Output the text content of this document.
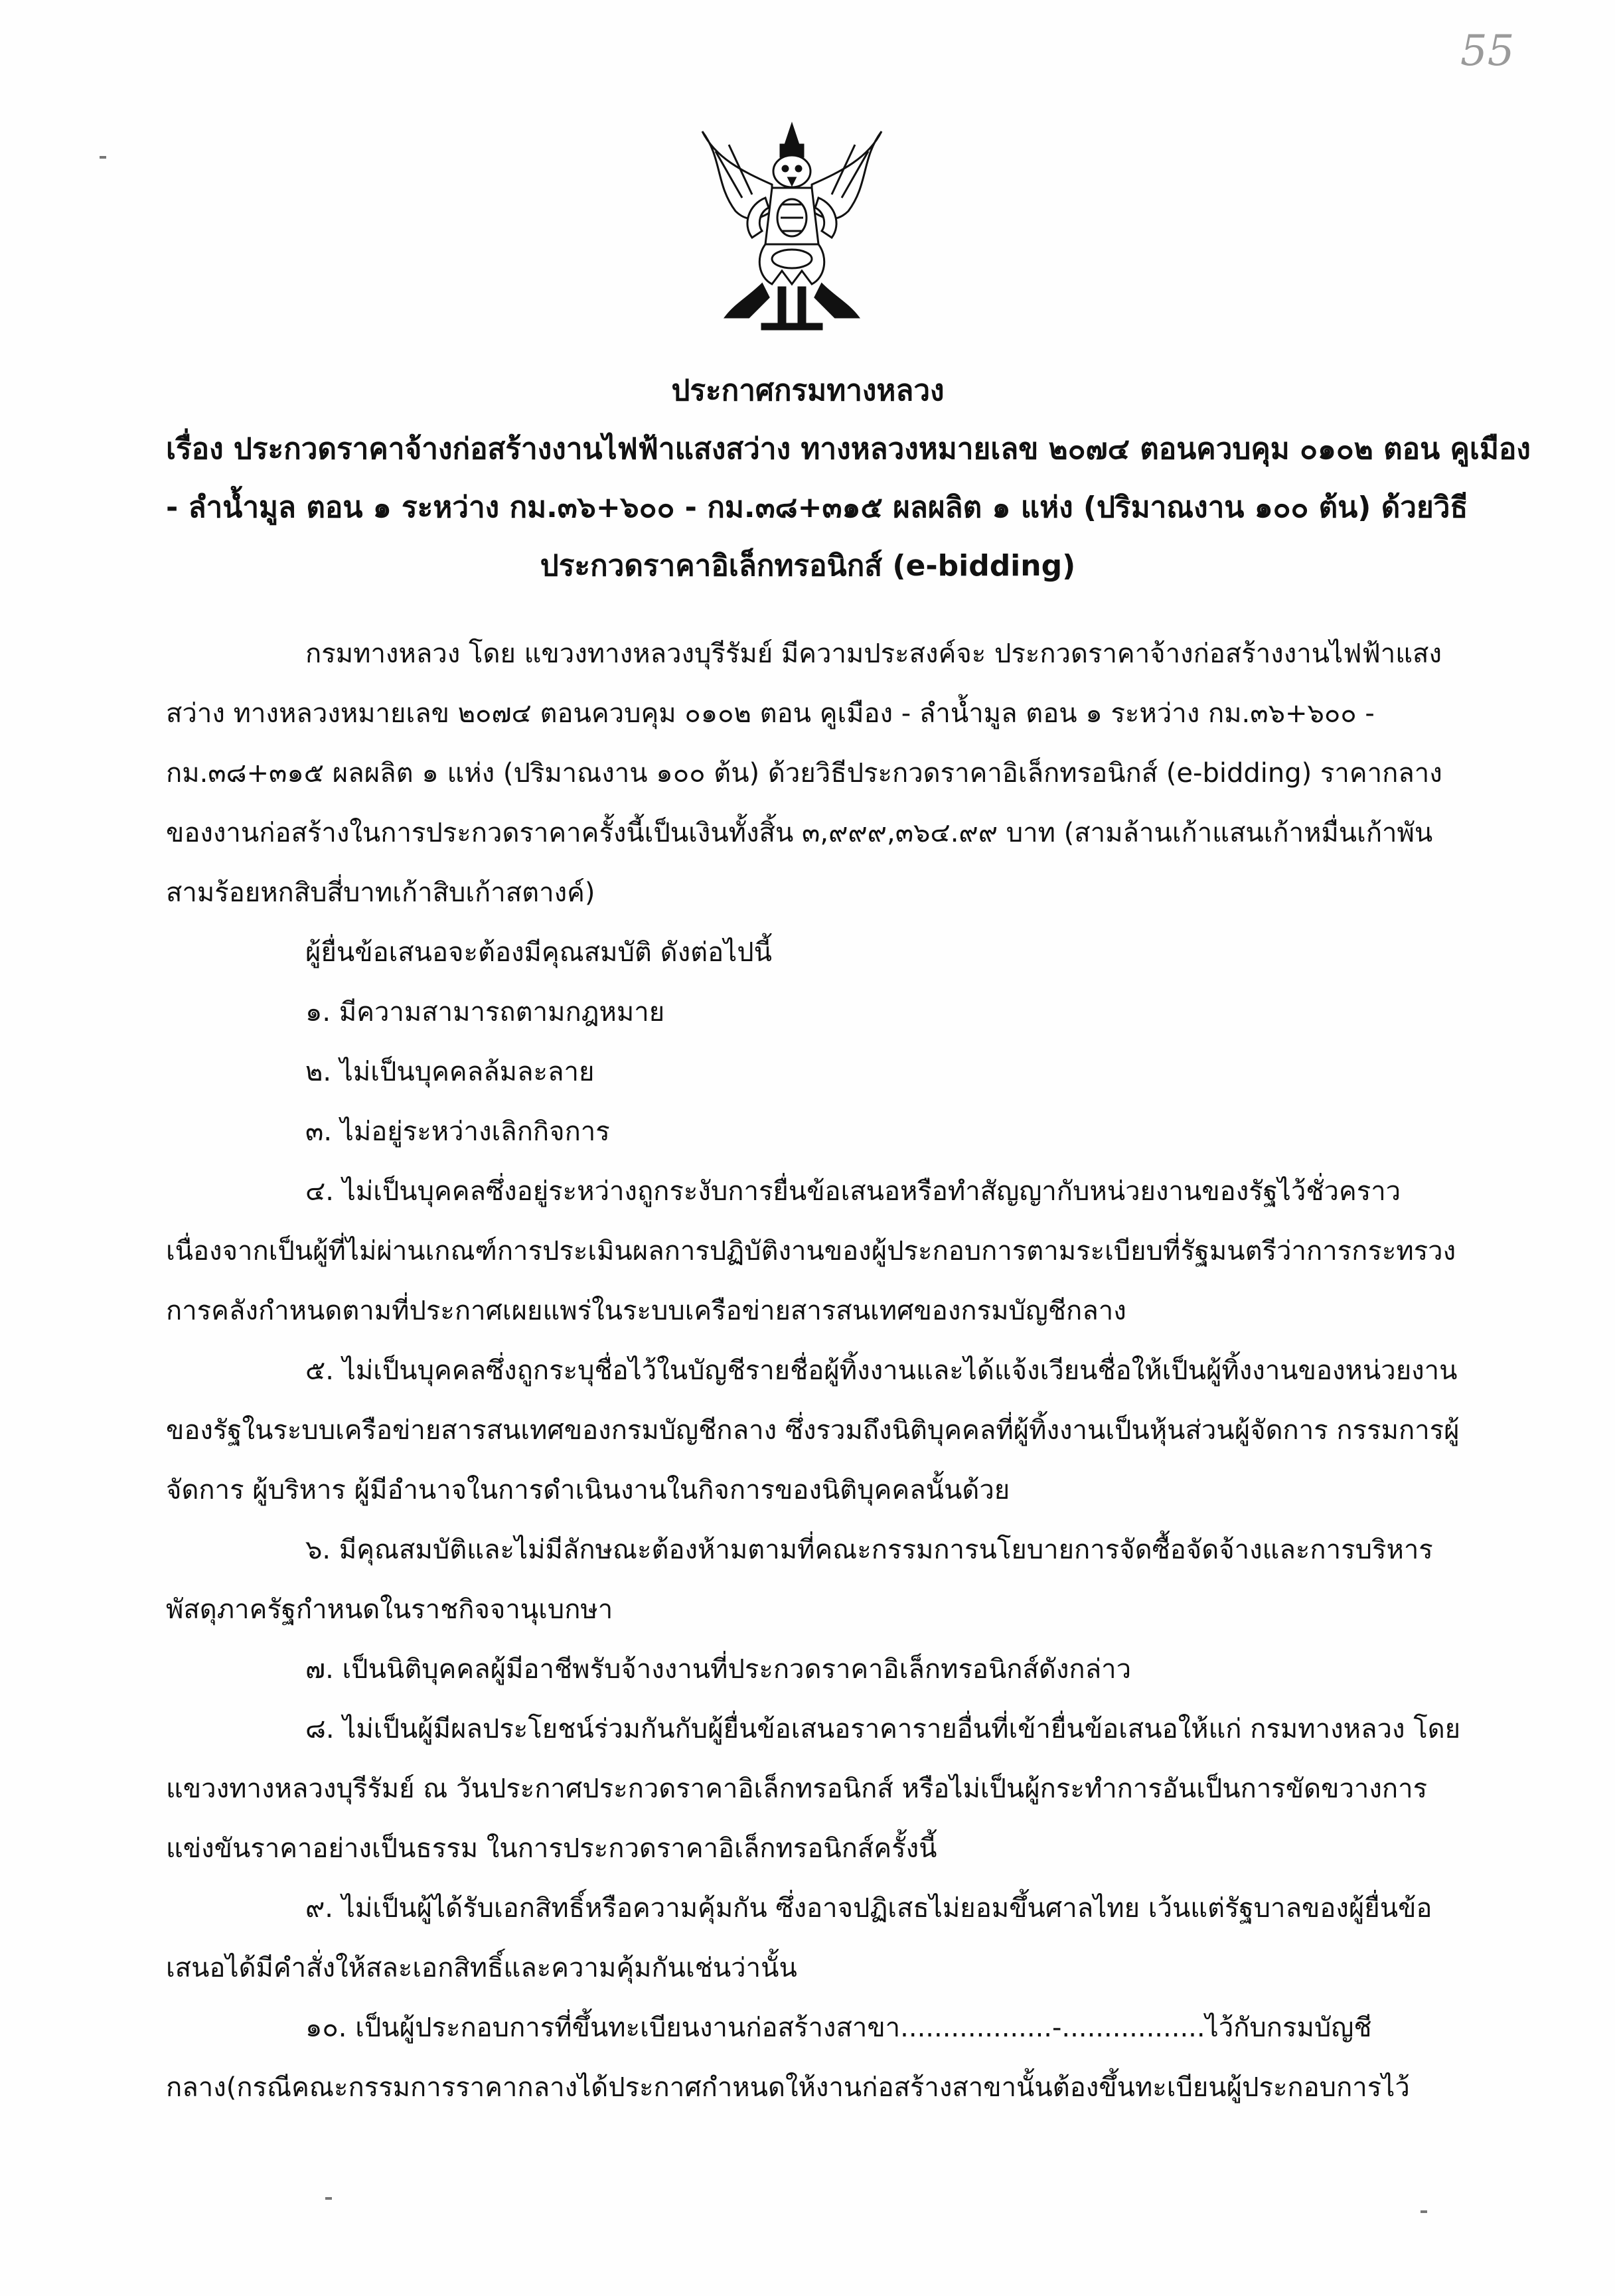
55
ประกาศกรมทางหลวง
เรื่อง ประกวดราคาจ้างก่อสร้างงานไฟฟ้าแสงสว่าง ทางหลวงหมายเลข ๒๐๗๔ ตอนควบคุม ๐๑๐๒ ตอน คูเมือง
- ลำน้ำมูล ตอน ๑ ระหว่าง กม.๓๖+๖๐๐ - กม.๓๘+๓๑๕ ผลผลิต ๑ แห่ง (ปริมาณงาน ๑๐๐ ต้น) ด้วยวิธี
ประกวดราคาอิเล็กทรอนิกส์ (e-bidding)
กรมทางหลวง โดย แขวงทางหลวงบุรีรัมย์ มีความประสงค์จะ ประกวดราคาจ้างก่อสร้างงานไฟฟ้าแสง
สว่าง ทางหลวงหมายเลข ๒๐๗๔ ตอนควบคุม ๐๑๐๒ ตอน คูเมือง - ลำน้ำมูล ตอน ๑ ระหว่าง กม.๓๖+๖๐๐ -
กม.๓๘+๓๑๕ ผลผลิต ๑ แห่ง (ปริมาณงาน ๑๐๐ ต้น) ด้วยวิธีประกวดราคาอิเล็กทรอนิกส์ (e-bidding) ราคากลาง
ของงานก่อสร้างในการประกวดราคาครั้งนี้เป็นเงินทั้งสิ้น ๓,๙๙๙,๓๖๔.๙๙ บาท (สามล้านเก้าแสนเก้าหมื่นเก้าพัน
สามร้อยหกสิบสี่บาทเก้าสิบเก้าสตางค์)
ผู้ยื่นข้อเสนอจะต้องมีคุณสมบัติ ดังต่อไปนี้
๑. มีความสามารถตามกฎหมาย
๒. ไม่เป็นบุคคลล้มละลาย
๓. ไม่อยู่ระหว่างเลิกกิจการ
๔. ไม่เป็นบุคคลซึ่งอยู่ระหว่างถูกระงับการยื่นข้อเสนอหรือทำสัญญากับหน่วยงานของรัฐไว้ชั่วคราว
เนื่องจากเป็นผู้ที่ไม่ผ่านเกณฑ์การประเมินผลการปฏิบัติงานของผู้ประกอบการตามระเบียบที่รัฐมนตรีว่าการกระทรวง
การคลังกำหนดตามที่ประกาศเผยแพร่ในระบบเครือข่ายสารสนเทศของกรมบัญชีกลาง
๕. ไม่เป็นบุคคลซึ่งถูกระบุชื่อไว้ในบัญชีรายชื่อผู้ทิ้งงานและได้แจ้งเวียนชื่อให้เป็นผู้ทิ้งงานของหน่วยงาน
ของรัฐในระบบเครือข่ายสารสนเทศของกรมบัญชีกลาง ซึ่งรวมถึงนิติบุคคลที่ผู้ทิ้งงานเป็นหุ้นส่วนผู้จัดการ กรรมการผู้
จัดการ ผู้บริหาร ผู้มีอำนาจในการดำเนินงานในกิจการของนิติบุคคลนั้นด้วย
๖. มีคุณสมบัติและไม่มีลักษณะต้องห้ามตามที่คณะกรรมการนโยบายการจัดซื้อจัดจ้างและการบริหาร
พัสดุภาครัฐกำหนดในราชกิจจานุเบกษา
๗. เป็นนิติบุคคลผู้มีอาชีพรับจ้างงานที่ประกวดราคาอิเล็กทรอนิกส์ดังกล่าว
๘. ไม่เป็นผู้มีผลประโยชน์ร่วมกันกับผู้ยื่นข้อเสนอราคารายอื่นที่เข้ายื่นข้อเสนอให้แก่ กรมทางหลวง โดย
แขวงทางหลวงบุรีรัมย์ ณ วันประกาศประกวดราคาอิเล็กทรอนิกส์ หรือไม่เป็นผู้กระทำการอันเป็นการขัดขวางการ
แข่งขันราคาอย่างเป็นธรรม ในการประกวดราคาอิเล็กทรอนิกส์ครั้งนี้
๙. ไม่เป็นผู้ได้รับเอกสิทธิ์หรือความคุ้มกัน ซึ่งอาจปฏิเสธไม่ยอมขึ้นศาลไทย เว้นแต่รัฐบาลของผู้ยื่นข้อ
เสนอได้มีคำสั่งให้สละเอกสิทธิ์และความคุ้มกันเช่นว่านั้น
๑๐. เป็นผู้ประกอบการที่ขึ้นทะเบียนงานก่อสร้างสาขา..................-.................ไว้กับกรมบัญชี
กลาง(กรณีคณะกรรมการราคากลางได้ประกาศกำหนดให้งานก่อสร้างสาขานั้นต้องขึ้นทะเบียนผู้ประกอบการไว้
